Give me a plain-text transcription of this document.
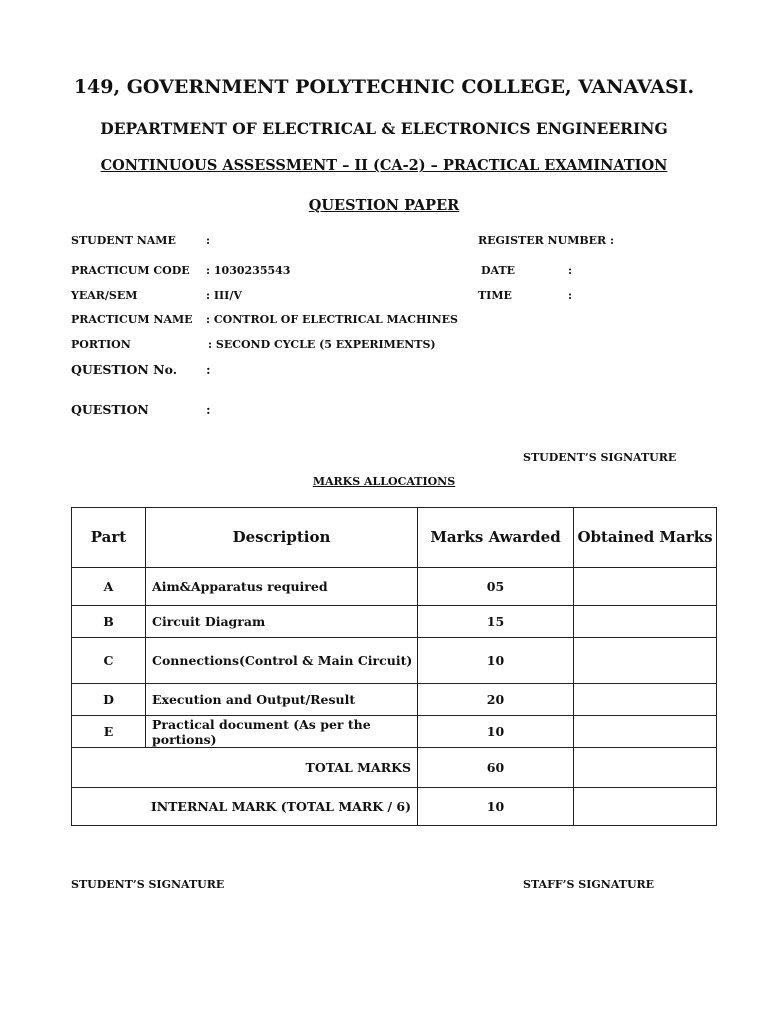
149, GOVERNMENT POLYTECHNIC COLLEGE, VANAVASI.
DEPARTMENT OF ELECTRICAL & ELECTRONICS ENGINEERING
CONTINUOUS ASSESSMENT – II (CA-2) – PRACTICAL EXAMINATION
QUESTION PAPER
STUDENT NAME	:	REGISTER NUMBER :
PRACTICUM CODE : 1030235543	DATE	:
YEAR/SEM	: III/V	TIME	:
PRACTICUM NAME : CONTROL OF ELECTRICAL MACHINES
PORTION	: SECOND CYCLE (5 EXPERIMENTS)
QUESTION No. :
QUESTION	:
STUDENT’S SIGNATURE
MARKS ALLOCATIONS
Part	Description	Marks Awarded	Obtained Marks
A	Aim&Apparatus required	05	
B	Circuit Diagram	15	
C	Connections(Control & Main Circuit)	10	
D	Execution and Output/Result	20	
E	Practical document (As per the portions)	10	
TOTAL MARKS		60	
INTERNAL MARK (TOTAL MARK / 6)		10	
STUDENT’S SIGNATURE	STAFF’S SIGNATURE
